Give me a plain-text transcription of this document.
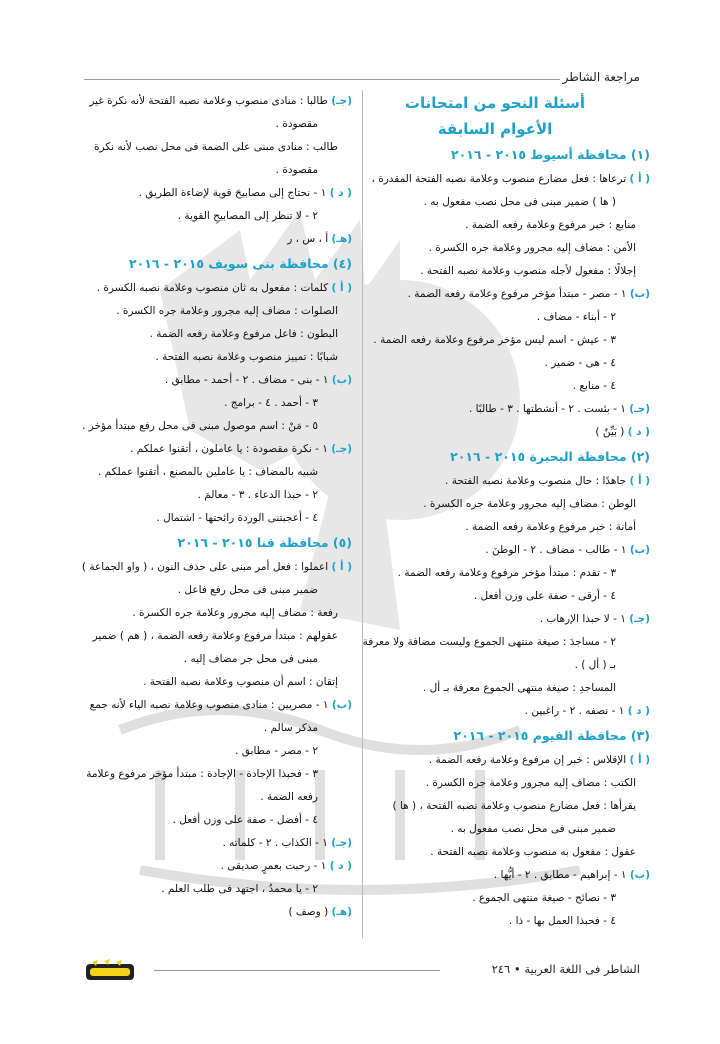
مراجعة الشاطر
أسئلة النحو من امتحانات
الأعوام السابقة
(١) محافظة أسيوط ٢٠١٥ - ٢٠١٦
( أ ) ترعاها : فعل مضارع منصوب وعلامة نصبه الفتحة المقدرة ،
( ها ) ضمير مبنى فى محل نصب مفعول به .
منابع : خبر مرفوع وعلامة رفعه الضمة .
الأمن : مضاف إليه مجرور وعلامة جره الكسرة .
إجلالًا : مفعول لأجله منصوب وعلامة نصبه الفتحة .
(ب) ١ - مصر - مبتدأ مؤخر مرفوع وعلامة رفعه الضمة .
٢ - أبناء - مضاف .
٣ - عيش - اسم ليس مؤخر مرفوع وعلامة رفعه الضمة .
٤ - هى - ضمير .
٤ - منابع .
(جـ) ١ - بئست . ٢ - أنشطتها . ٣ - طالبًا .
( د ) ( بَيِّنٌ )
(٢) محافظة البحيرة ٢٠١٥ - ٢٠١٦
( أ ) جاهدًا : حال منصوب وعلامة نصبه الفتحة .
الوطن : مضاف إليه مجرور وعلامة جره الكسرة .
أمانة : خبر مرفوع وعلامة رفعه الضمة .
(ب) ١ - طالب - مضاف . ٢ - الوطنَ .
٣ - تقدم : مبتدأ مؤخر مرفوع وعلامة رفعه الضمة .
٤ - أرقى - صفة على وزن أفعل .
(جـ) ١ - لا حبذا الإرهاب .
٢ - مساجدَ : صيغة منتهى الجموع وليست مضافة ولا معرفة
بـ ( أل ) .
المساجدِ : صيغة منتهى الجموع معرفة بـ أل .
( د ) ١ - نصفه . ٢ - راغبين .
(٣) محافظة الفيوم ٢٠١٥ - ٢٠١٦
( أ ) الإقلاس : خبر إن مرفوع وعلامة رفعه الضمة .
الكتب : مضاف إليه مجرور وعلامة جره الكسرة .
يقرأها : فعل مضارع منصوب وعلامة نصبه الفتحة ، ( ها )
ضمير مبنى فى محل نصب مفعول به .
عقول : مفعول به منصوب وعلامة نصبه الفتحة .
(ب) ١ - إبراهيم - مطابق . ٢ - أيُّها .
٣ - نصائح - صيغة منتهى الجموع .
٤ - فحبذا العمل بها - ذا .
(جـ) طالبا : منادى منصوب وعلامة نصبه الفتحة لأنه نكرة غير
مقصودة .
طالب : منادى مبنى على الضمة فى محل نصب لأنه نكرة
مقصودة .
( د ) ١ - نحتاج إلى مصابيحَ قوية لإضاءة الطريق .
٢ - لا تنظر إلى المصابيحِ القوية .
(هـ) أ ، س ، ر
(٤) محافظة بنى سويف ٢٠١٥ - ٢٠١٦
( أ ) كلمات : مفعول به ثان منصوب وعلامة نصبه الكسرة .
الصلوات : مضاف إليه مجرور وعلامة جره الكسرة .
البطون : فاعل مرفوع وعلامة رفعه الضمة .
شبابًا : تمييز منصوب وعلامة نصبه الفتحة .
(ب) ١ - بنى - مضاف . ٢ - أحمد - مطابق .
٣ - أحمد . ٤ - برامج .
٥ - مَنْ : اسم موصول مبنى فى محل رفع مبتدأ مؤخر .
(جـ) ١ - نكرة مقصودة : يا عاملون ، أتقنوا عملكم .
شبيه بالمضاف : يا عاملين بالمصنع ، أتقنوا عملكم .
٢ - حبذا الدعاء . ٣ - معالمَ .
٤ - أعجبتنى الوردة رائحتها - اشتمال .
(٥) محافظة قنا ٢٠١٥ - ٢٠١٦
( أ ) اعملوا : فعل أمر مبنى على حذف النون ، ( واو الجماعة )
ضمير مبنى فى محل رفع فاعل .
رفعة : مضاف إليه مجرور وعلامة جره الكسرة .
عقولهم : مبتدأ مرفوع وعلامة رفعه الضمة ، ( هم ) ضمير
مبنى فى محل جر مضاف إليه .
إتقان : اسم أن منصوب وعلامة نصبه الفتحة .
(ب) ١ - مصريين : منادى منصوب وعلامة نصبه الياء لأنه جمع
مذكر سالم .
٢ - مصر - مطابق .
٣ - فحبذا الإجادة - الإجادة : مبتدأ مؤخر مرفوع وعلامة
رفعه الضمة .
٤ - أفضل - صفة على وزن أفعل .
(جـ) ١ - الكذاب . ٢ - كلماته .
( د ) ١ - رحبت بعمرٍ صديقى .
٢ - يا محمدُ ، اجتهد فى طلب العلم .
(هـ) ( وصف )
الشاطر فى اللغة العربية • ٢٤٦
